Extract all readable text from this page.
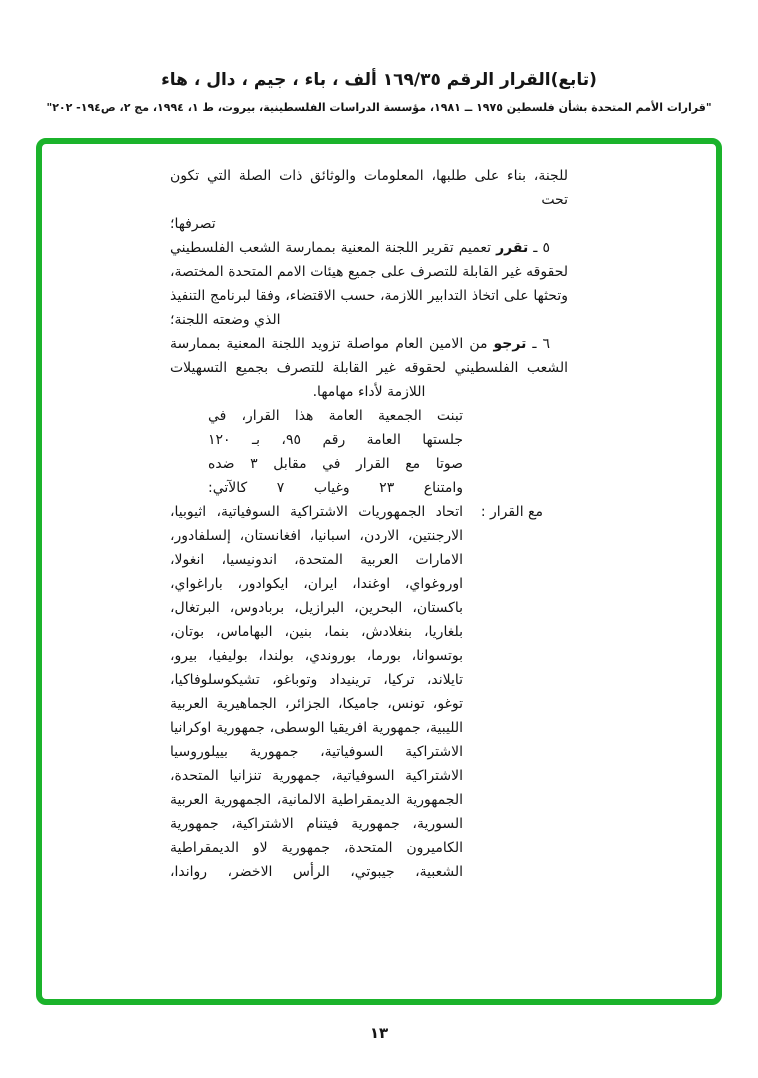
(تابع)القرار الرقم ١٦٩/٣٥ ألف ، باء ، جيم ، دال ، هاء
"قرارات الأمم المتحدة بشأن فلسطين ١٩٧٥ ــ ١٩٨١، مؤسسة الدراسات الفلسطينية، بيروت، ط ١، ١٩٩٤، مج ٢، ص١٩٤- ٢٠٢"
للجنة، بناء على طلبها، المعلومات والوثائق ذات الصلة التي تكون تحت
تصرفها؛
٥ ـ تقرر تعميم تقرير اللجنة المعنية بممارسة الشعب الفلسطيني
لحقوقه غير القابلة للتصرف على جميع هيئات الامم المتحدة المختصة،
وتحثها على اتخاذ التدابير اللازمة، حسب الاقتضاء، وفقا لبرنامج التنفيذ
الذي وضعته اللجنة؛
٦ ـ ترجو من الامين العام مواصلة تزويد اللجنة المعنية بممارسة
الشعب الفلسطيني لحقوقه غير القابلة للتصرف بجميع التسهيلات
اللازمة لأداء مهامها.
تبنت الجمعية العامة هذا القرار، في
جلستها العامة رقم ٩٥، بـ ١٢٠
صوتا مع القرار في مقابل ٣ ضده
وامتناع ٢٣ وغياب ٧ كالآتي:
مع القرار :
اتحاد الجمهوريات الاشتراكية السوفياتية، اثيوبيا،
الارجنتين، الاردن، اسبانيا، افغانستان، إلسلفادور،
الامارات العربية المتحدة، اندونيسيا، انغولا،
اوروغواي، اوغندا، ايران، ايكوادور، باراغواي،
باكستان، البحرين، البرازيل، بربادوس، البرتغال،
بلغاريا، بنغلادش، بنما، بنين، البهاماس، بوتان،
بوتسوانا، بورما، بوروندي، بولندا، بوليفيا، بيرو،
تايلاند، تركيا، ترينيداد وتوباغو، تشيكوسلوفاكيا،
توغو، تونس، جاميكا، الجزائر، الجماهيرية العربية
الليبية، جمهورية افريقيا الوسطى، جمهورية اوكرانيا
الاشتراكية السوفياتية، جمهورية بييلوروسيا
الاشتراكية السوفياتية، جمهورية تنزانيا المتحدة،
الجمهورية الديمقراطية الالمانية، الجمهورية العربية
السورية، جمهورية فيتنام الاشتراكية، جمهورية
الكاميرون المتحدة، جمهورية لاو الديمقراطية
الشعبية، جيبوتي، الرأس الاخضر، رواندا،
١٣
